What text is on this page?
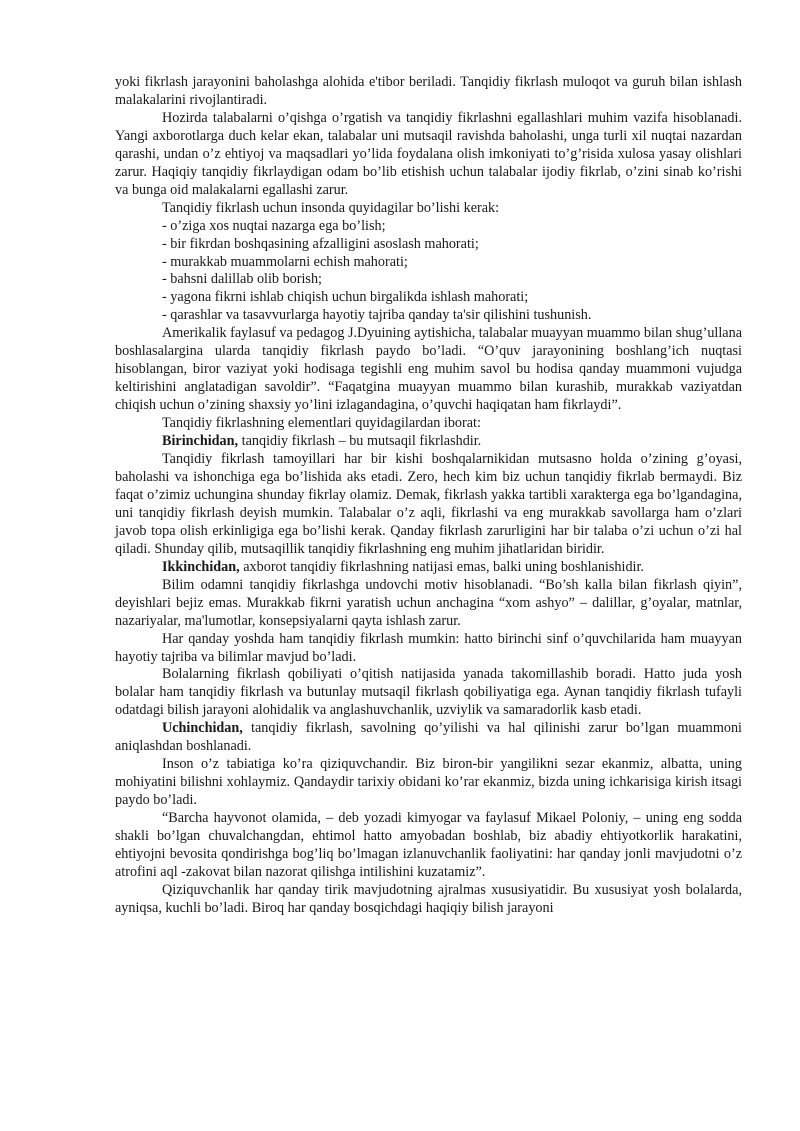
yoki fikrlash jarayonini baholashga alohida e'tibor beriladi. Tanqidiy fikrlash muloqot va guruh bilan ishlash malakalarini rivojlantiradi.

Hozirda talabalarni o’qishga o’rgatish va tanqidiy fikrlashni egallashlari muhim vazifa hisoblanadi. Yangi axborotlarga duch kelar ekan, talabalar uni mutsaqil ravishda baholashi, unga turli xil nuqtai nazardan qarashi, undan o’z ehtiyoj va maqsadlari yo’lida foydalana olish imkoniyati to’g’risida xulosa yasay olishlari zarur. Haqiqiy tanqidiy fikrlaydigan odam bo’lib etishish uchun talabalar ijodiy fikrlab, o’zini sinab ko’rishi va bunga oid malakalarni egallashi zarur.

Tanqidiy fikrlash uchun insonda quyidagilar bo’lishi kerak:

- o’ziga xos nuqtai nazarga ega bo’lish;

- bir fikrdan boshqasining afzalligini asoslash mahorati;

- murakkab muammolarni echish mahorati;

- bahsni dalillab olib borish;

- yagona fikrni ishlab chiqish uchun birgalikda ishlash mahorati;

- qarashlar va tasavvurlarga hayotiy tajriba qanday ta'sir qilishini tushunish.

Amerikalik faylasuf va pedagog J.Dyuining aytishicha, talabalar muayyan muammo bilan shug’ullana boshlasalargina ularda tanqidiy fikrlash paydo bo’ladi. “O’quv jarayonining boshlang’ich nuqtasi hisoblangan, biror vaziyat yoki hodisaga tegishli eng muhim savol bu hodisa qanday muammoni vujudga keltirishini anglatadigan savoldir”. “Faqatgina muayyan muammo bilan kurashib, murakkab vaziyatdan chiqish uchun o’zining shaxsiy yo’lini izlagandagina, o’quvchi haqiqatan ham fikrlaydi”.

Tanqidiy fikrlashning elementlari quyidagilardan iborat:

Birinchidan, tanqidiy fikrlash – bu mutsaqil fikrlashdir.

Tanqidiy fikrlash tamoyillari har bir kishi boshqalarnikidan mutsasno holda o’zining g’oyasi, baholashi va ishonchiga ega bo’lishida aks etadi. Zero, hech kim biz uchun tanqidiy fikrlab bermaydi. Biz faqat o’zimiz uchungina shunday fikrlay olamiz. Demak, fikrlash yakka tartibli xarakterga ega bo’lgandagina, uni tanqidiy fikrlash deyish mumkin. Talabalar o’z aqli, fikrlashi va eng murakkab savollarga ham o’zlari javob topa olish erkinligiga ega bo’lishi kerak. Qanday fikrlash zarurligini har bir talaba o’zi uchun o’zi hal qiladi. Shunday qilib, mutsaqillik tanqidiy fikrlashning eng muhim jihatlaridan biridir.

Ikkinchidan, axborot tanqidiy fikrlashning natijasi emas, balki uning boshlanishidir.

Bilim odamni tanqidiy fikrlashga undovchi motiv hisoblanadi. “Bo’sh kalla bilan fikrlash qiyin”, deyishlari bejiz emas. Murakkab fikrni yaratish uchun anchagina “xom ashyo” – dalillar, g’oyalar, matnlar, nazariyalar, ma'lumotlar, konsepsiyalarni qayta ishlash zarur.

Har qanday yoshda ham tanqidiy fikrlash mumkin: hatto birinchi sinf o’quvchilarida ham muayyan hayotiy tajriba va bilimlar mavjud bo’ladi.

Bolalarning fikrlash qobiliyati o’qitish natijasida yanada takomillashib boradi. Hatto juda yosh bolalar ham tanqidiy fikrlash va butunlay mutsaqil fikrlash qobiliyatiga ega. Aynan tanqidiy fikrlash tufayli odatdagi bilish jarayoni alohidalik va anglashuvchanlik, uzviylik va samaradorlik kasb etadi.

Uchinchidan, tanqidiy fikrlash, savolning qo’yilishi va hal qilinishi zarur bo’lgan muammoni aniqlashdan boshlanadi.

Inson o’z tabiatiga ko’ra qiziquvchandir. Biz biron-bir yangilikni sezar ekanmiz, albatta, uning mohiyatini bilishni xohlaymiz. Qandaydir tarixiy obidani ko’rar ekanmiz, bizda uning ichkarisiga kirish itsagi paydo bo’ladi.

“Barcha hayvonot olamida, – deb yozadi kimyogar va faylasuf Mikael Poloniy, – uning eng sodda shakli bo’lgan chuvalchangdan, ehtimol hatto amyobadan boshlab, biz abadiy ehtiyotkorlik harakatini, ehtiyojni bevosita qondirishga bog’liq bo’lmagan izlanuvchanlik faoliyatini: har qanday jonli mavjudotni o’z atrofini aql -zakovat bilan nazorat qilishga intilishini kuzatamiz”.

Qiziquvchanlik har qanday tirik mavjudotning ajralmas xususiyatidir. Bu xususiyat yosh bolalarda, ayniqsa, kuchli bo’ladi. Biroq har qanday bosqichdagi haqiqiy bilish jarayoni
